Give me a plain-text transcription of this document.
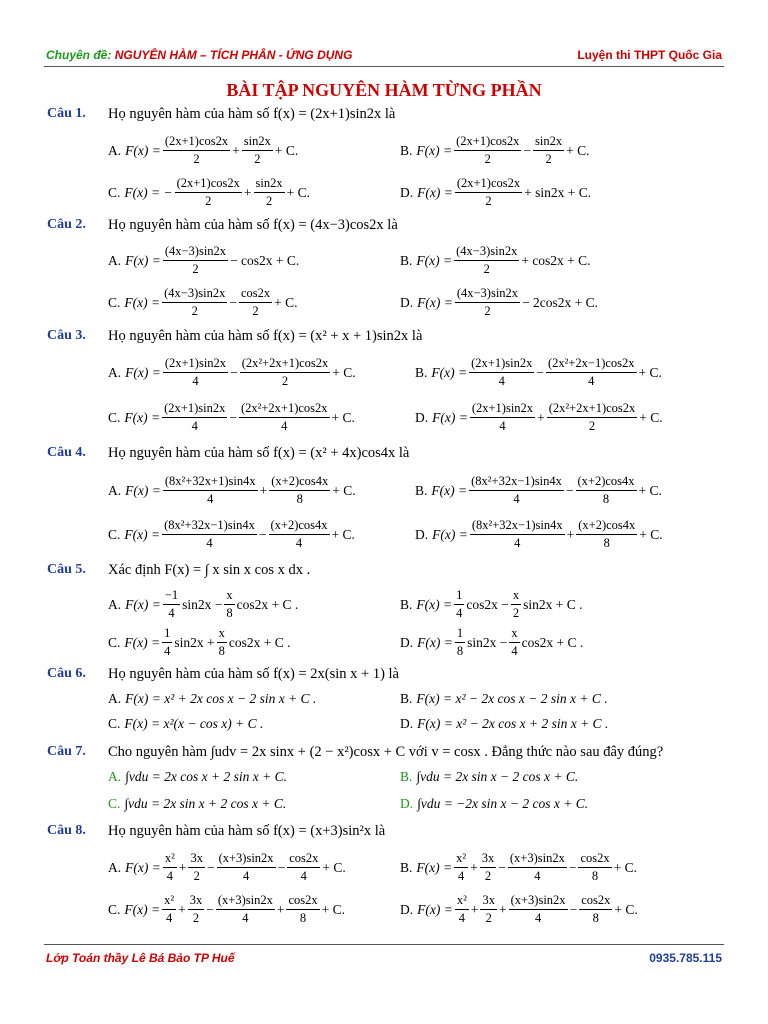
Chuyên đề: NGUYÊN HÀM – TÍCH PHÂN - ỨNG DỤNG	Luyện thi THPT Quốc Gia
BÀI TẬP NGUYÊN HÀM TỪNG PHẦN
Câu 1. Họ nguyên hàm của hàm số f(x) = (2x+1)sin2x là
A. $F(x) = \frac{(2x+1)\cos 2x}{2} + \frac{\sin 2x}{2} + C$.	B. $F(x) = \frac{(2x+1)\cos 2x}{2} - \frac{\sin 2x}{2} + C$.
C. F(x) = − $\frac{(2x+1)\cos 2x}{2} + \frac{\sin 2x}{2} + C$.	D. $F(x) = \frac{(2x+1)\cos 2x}{2} + \sin 2x + C$.
Câu 2. Họ nguyên hàm của hàm số f(x) = (4x−3)cos2x là
A. $F(x) = \frac{(4x-3)\sin 2x}{2} - \cos 2x + C$.	B. $F(x) = \frac{(4x-3)\sin 2x}{2} + \cos 2x + C$.
C. $F(x) = \frac{(4x-3)\sin 2x}{2} - \frac{\cos 2x}{2} + C$.	D. $F(x) = \frac{(4x-3)\sin 2x}{2} - 2\cos 2x + C$.
Câu 3. Họ nguyên hàm của hàm số f(x) = (x² + x + 1)sin2x là
A. $F(x) = \frac{(2x+1)\sin 2x}{4} - \frac{\text{(2x²+2x+1)cos2x}}{2} + C$.	B. $F(x) = \frac{(2x+1)\sin 2x}{4} - \frac{\text{(2x²+2x−1)cos2x}}{4} + C$.
C. $F(x) = \frac{(2x+1)\sin 2x}{4} - \frac{\text{(2x²+2x+1)cos2x}}{4} + C$.	D. $F(x) = \frac{(2x+1)\sin 2x}{4} + \frac{\text{(2x²+2x+1)cos2x}}{2} + C$.
Câu 4. Họ nguyên hàm của hàm số f(x) = (x² + 4x)cos4x là
A. $F(x) = \frac{\text{(8x²+32x+1)sin4x}}{4} + \frac{(x+2)\cos 4x}{8} + C$.	B. $F(x) = \frac{\text{(8x²+32x−1)sin4x}}{4} - \frac{(x+2)\cos 4x}{8} + C$.
C. $F(x) = \frac{\text{(8x²+32x−1)sin4x}}{4} - \frac{(x+2)\cos 4x}{4} + C$.	D. $F(x) = \frac{\text{(8x²+32x−1)sin4x}}{4} + \frac{(x+2)\cos 4x}{8} + C$.
Câu 5. Xác định F(x) = ∫ x sin x cos x dx .
A. $F(x) = \frac{-1}{4} \sin 2x - \frac{x}{8} \cos 2x + C$ .	B. $F(x) = \frac{1}{4} \cos 2x - \frac{x}{2} \sin 2x + C$ .
C. $F(x) = \frac{1}{4} \sin 2x + \frac{x}{8} \cos 2x + C$ .	D. $F(x) = \frac{1}{8} \sin 2x - \frac{x}{4} \cos 2x + C$ .
Câu 6. Họ nguyên hàm của hàm số f(x) = 2x(sin x + 1) là
A. F(x) = x² + 2x cos x − 2 sin x + C .	B. F(x) = x² − 2x cos x − 2 sin x + C .
C. F(x) = x²(x − cos x) + C .	D. F(x) = x² − 2x cos x + 2 sin x + C .
Câu 7. Cho nguyên hàm ∫udv = 2x sinx + (2 − x²)cosx + C với v = cosx . Đẳng thức nào sau đây đúng?
A. ∫vdu = 2x cos x + 2 sin x + C.	B. ∫vdu = 2x sin x − 2 cos x + C.
C. ∫vdu = 2x sin x + 2 cos x + C.	D. ∫vdu = −2x sin x − 2 cos x + C.
Câu 8. Họ nguyên hàm của hàm số f(x) = (x+3)sin²x là
A. $F(x) = \frac{\text{x²}}{4} + \frac{3x}{2} - \frac{(x+3)\sin 2x}{4} - \frac{\cos 2x}{4} + C$.	B. $F(x) = \frac{\text{x²}}{4} + \frac{3x}{2} - \frac{(x+3)\sin 2x}{4} - \frac{\cos 2x}{8} + C$.
C. $F(x) = \frac{\text{x²}}{4} + \frac{3x}{2} - \frac{(x+3)\sin 2x}{4} + \frac{\cos 2x}{8} + C$.	D. $F(x) = \frac{\text{x²}}{4} + \frac{3x}{2} + \frac{(x+3)\sin 2x}{4} - \frac{\cos 2x}{8} + C$.
Lớp Toán thầy Lê Bá Bảo TP Huế	0935.785.115
